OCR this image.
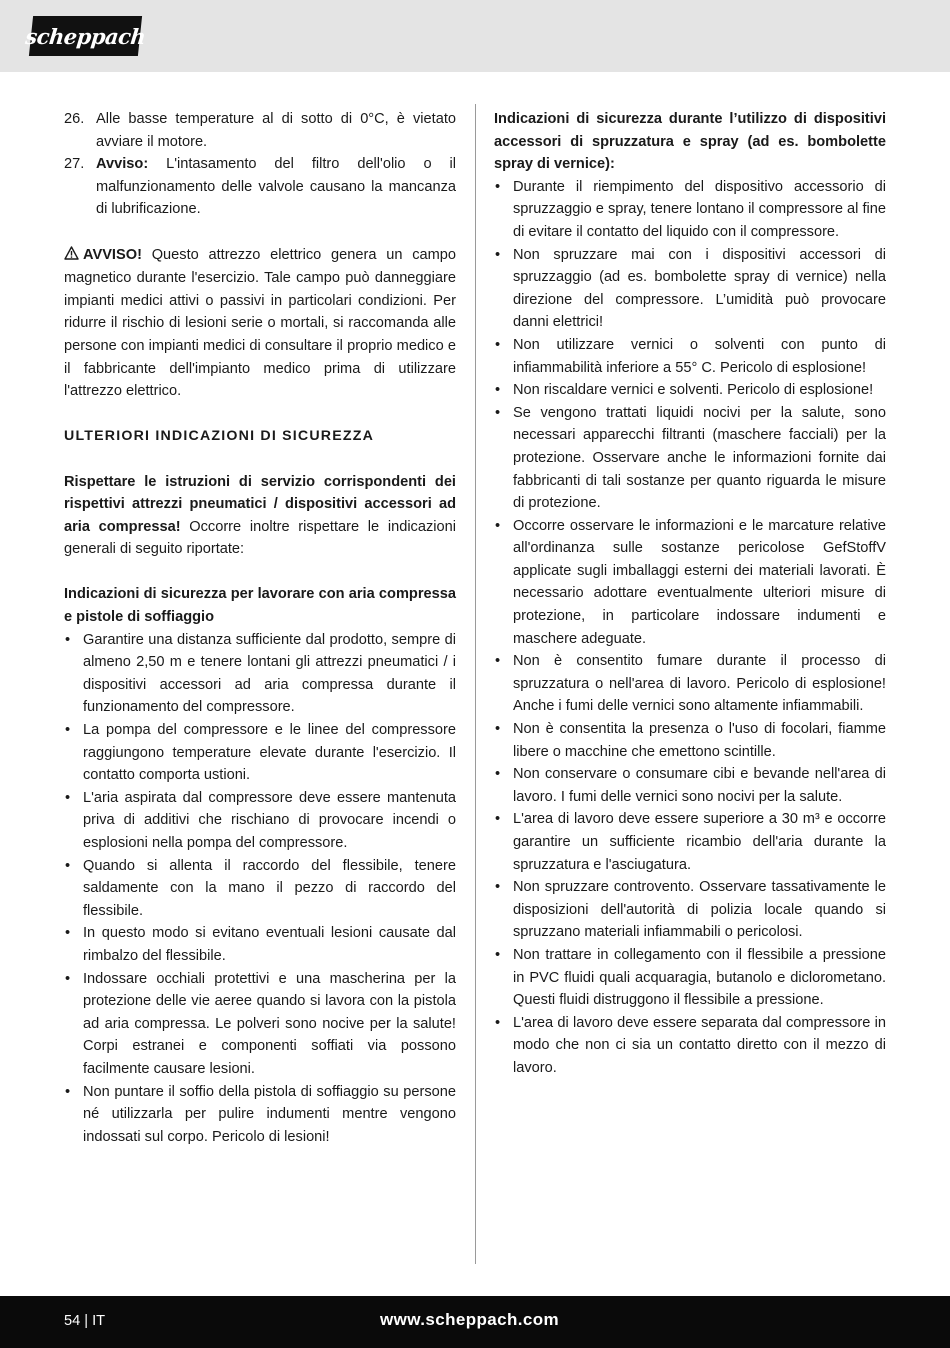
scheppach
26. Alle basse temperature al di sotto di 0°C, è vietato avviare il motore.
27. Avviso: L'intasamento del filtro dell'olio o il malfunzionamento delle valvole causano la mancanza di lubrificazione.

AVVISO! Questo attrezzo elettrico genera un campo magnetico durante l'esercizio. Tale campo può danneggiare impianti medici attivi o passivi in particolari condizioni. Per ridurre il rischio di lesioni serie o mortali, si raccomanda alle persone con impianti medici di consultare il proprio medico e il fabbricante dell'impianto medico prima di utilizzare l'attrezzo elettrico.

ULTERIORI INDICAZIONI DI SICUREZZA

Rispettare le istruzioni di servizio corrispondenti dei rispettivi attrezzi pneumatici / dispositivi accessori ad aria compressa! Occorre inoltre rispettare le indicazioni generali di seguito riportate:

Indicazioni di sicurezza per lavorare con aria compressa e pistole di soffiaggio

• Garantire una distanza sufficiente dal prodotto, sempre di almeno 2,50 m e tenere lontani gli attrezzi pneumatici / i dispositivi accessori ad aria compressa durante il funzionamento del compressore.
• La pompa del compressore e le linee del compressore raggiungono temperature elevate durante l'esercizio. Il contatto comporta ustioni.
• L'aria aspirata dal compressore deve essere mantenuta priva di additivi che rischiano di provocare incendi o esplosioni nella pompa del compressore.
• Quando si allenta il raccordo del flessibile, tenere saldamente con la mano il pezzo di raccordo del flessibile.
• In questo modo si evitano eventuali lesioni causate dal rimbalzo del flessibile.
• Indossare occhiali protettivi e una mascherina per la protezione delle vie aeree quando si lavora con la pistola ad aria compressa. Le polveri sono nocive per la salute! Corpi estranei e componenti soffiati via possono facilmente causare lesioni.
• Non puntare il soffio della pistola di soffiaggio su persone né utilizzarla per pulire indumenti mentre vengono indossati sul corpo. Pericolo di lesioni!

Indicazioni di sicurezza durante l’utilizzo di dispositivi accessori di spruzzatura e spray (ad es. bombolette spray di vernice):

• Durante il riempimento del dispositivo accessorio di spruzzaggio e spray, tenere lontano il compressore al fine di evitare il contatto del liquido con il compressore.
• Non spruzzare mai con i dispositivi accessori di spruzzaggio (ad es. bombolette spray di vernice) nella direzione del compressore. L’umidità può provocare danni elettrici!
• Non utilizzare vernici o solventi con punto di infiammabilità inferiore a 55° C. Pericolo di esplosione!
• Non riscaldare vernici e solventi. Pericolo di esplosione!
• Se vengono trattati liquidi nocivi per la salute, sono necessari apparecchi filtranti (maschere facciali) per la protezione. Osservare anche le informazioni fornite dai fabbricanti di tali sostanze per quanto riguarda le misure di protezione.
• Occorre osservare le informazioni e le marcature relative all'ordinanza sulle sostanze pericolose GefStoffV applicate sugli imballaggi esterni dei materiali lavorati. È necessario adottare eventualmente ulteriori misure di protezione, in particolare indossare indumenti e maschere adeguate.
• Non è consentito fumare durante il processo di spruzzatura o nell'area di lavoro. Pericolo di esplosione! Anche i fumi delle vernici sono altamente infiammabili.
• Non è consentita la presenza o l'uso di focolari, fiamme libere o macchine che emettono scintille.
• Non conservare o consumare cibi e bevande nell'area di lavoro. I fumi delle vernici sono nocivi per la salute.
• L'area di lavoro deve essere superiore a 30 m³ e occorre garantire un sufficiente ricambio dell'aria durante la spruzzatura e l'asciugatura.
• Non spruzzare controvento. Osservare tassativamente le disposizioni dell'autorità di polizia locale quando si spruzzano materiali infiammabili o pericolosi.
• Non trattare in collegamento con il flessibile a pressione in PVC fluidi quali acquaragia, butanolo e diclorometano. Questi fluidi distruggono il flessibile a pressione.
• L'area di lavoro deve essere separata dal compressore in modo che non ci sia un contatto diretto con il mezzo di lavoro.
54 | IT	www.scheppach.com
